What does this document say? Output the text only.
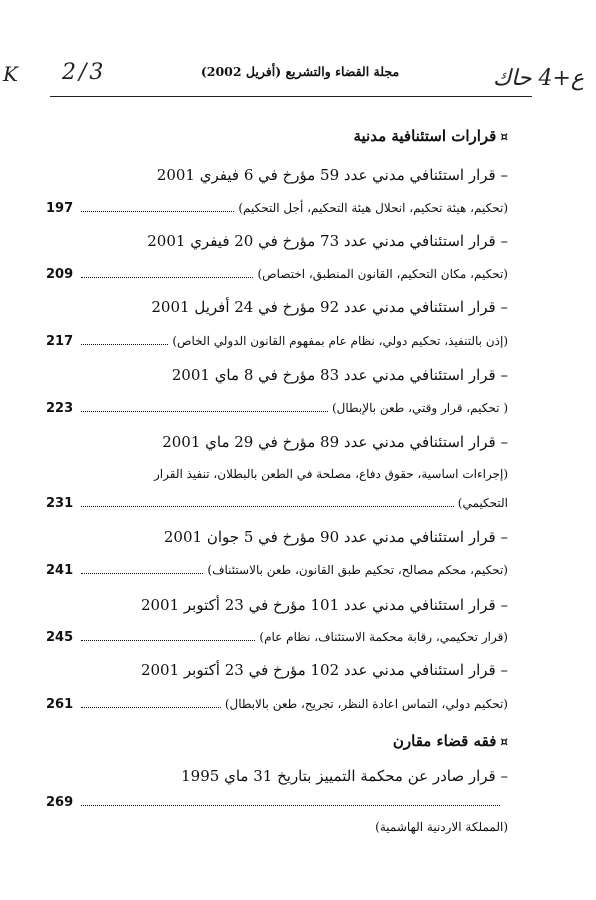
K 2/3	ع+4 حاك
مجلة القضاء والتشريع (أفريل 2002)
¤قرارات استئنافية مدنية
– قرار استئنافي مدني عدد 59 مؤرخ في 6 فيفري 2001
(تحكيم، هيئة تحكيم، انحلال هيئة التحكيم، أجل التحكيم)
197
– قرار استئنافي مدني عدد 73 مؤرخ في 20 فيفري 2001
(تحكيم، مكان التحكيم، القانون المنطبق، اختصاص)
209
– قرار استئنافي مدني عدد 92 مؤرخ في 24 أفريل 2001
(إذن بالتنفيذ، تحكيم دولي، نظام عام بمفهوم القانون الدولي الخاص)
217
– قرار استئنافي مدني عدد 83 مؤرخ في 8 ماي 2001
( تحكيم، قرار وقتي، طعن بالإبطال)
223
– قرار استئنافي مدني عدد 89 مؤرخ في 29 ماي 2001
(إجراءات اساسية، حقوق دفاع، مصلحة في الطعن بالبطلان، تنفيذ القرار
التحكيمي)
231
– قرار استئنافي مدني عدد 90 مؤرخ في 5 جوان 2001
(تحكيم، محكم مصالح، تحكيم طبق القانون، طعن بالاستئناف)
241
– قرار استئنافي مدني عدد 101 مؤرخ في 23 أكتوبر 2001
(قرار تحكيمي، رقابة محكمة الاستئناف، نظام عام)
245
– قرار استئنافي مدني عدد 102 مؤرخ في 23 أكتوبر 2001
(تحكيم دولي، التماس اعادة النظر، تجريح، طعن بالابطال)
261
¤فقه قضاء مقارن
– قرار صادر عن محكمة التمييز بتاريخ 31 ماي 1995
269
(المملكة الاردنية الهاشمية)
